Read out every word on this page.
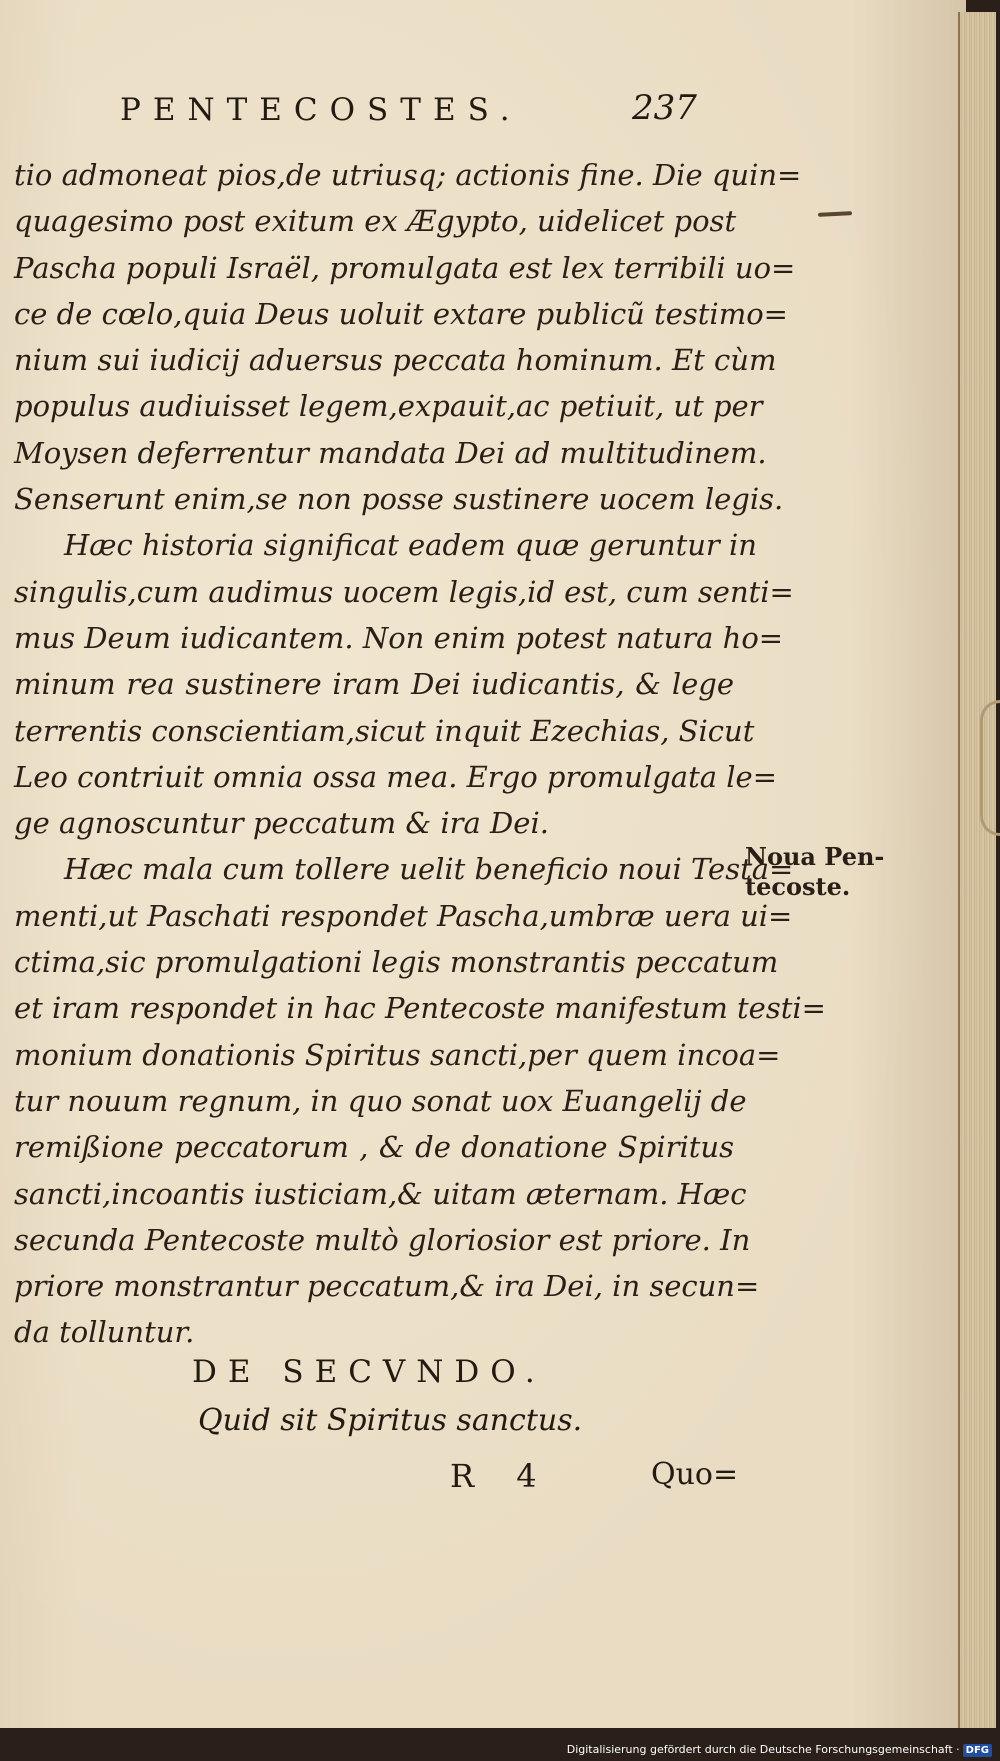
PENTECOSTES.	237
tio admoneat pios,de utriusq; actionis fine. Die quin=
quagesimo post exitum ex Ægypto, uidelicet post
Pascha populi Israël, promulgata est lex terribili uo=
ce de cœlo,quia Deus uoluit extare publicũ testimo=
nium sui iudicij aduersus peccata hominum. Et cùm
populus audiuisset legem,expauit,ac petiuit, ut per
Moysen deferrentur mandata Dei ad multitudinem.
Senserunt enim,se non posse sustinere uocem legis.
Hæc historia significat eadem quæ geruntur in
singulis,cum audimus uocem legis,id est, cum senti=
mus Deum iudicantem. Non enim potest natura ho=
minum rea sustinere iram Dei iudicantis, & lege
terrentis conscientiam,sicut inquit Ezechias, Sicut
Leo contriuit omnia ossa mea. Ergo promulgata le=
ge agnoscuntur peccatum & ira Dei.
Hæc mala cum tollere uelit beneficio noui Testa=
menti,ut Paschati respondet Pascha,umbræ uera ui=
ctima,sic promulgationi legis monstrantis peccatum
et iram respondet in hac Pentecoste manifestum testi=
monium donationis Spiritus sancti,per quem incoa=
tur nouum regnum, in quo sonat uox Euangelij de
remißione peccatorum , & de donatione Spiritus
sancti,incoantis iusticiam,& uitam æternam. Hæc
secunda Pentecoste multò gloriosior est priore. In
priore monstrantur peccatum,& ira Dei, in secun=
da tolluntur.
Noua Pen-
tecoste.
DE SECVNDO.
Quid sit Spiritus sanctus.
R 4	Quo=
Digitalisierung gefördert durch die Deutsche Forschungsgemeinschaft · DFG
